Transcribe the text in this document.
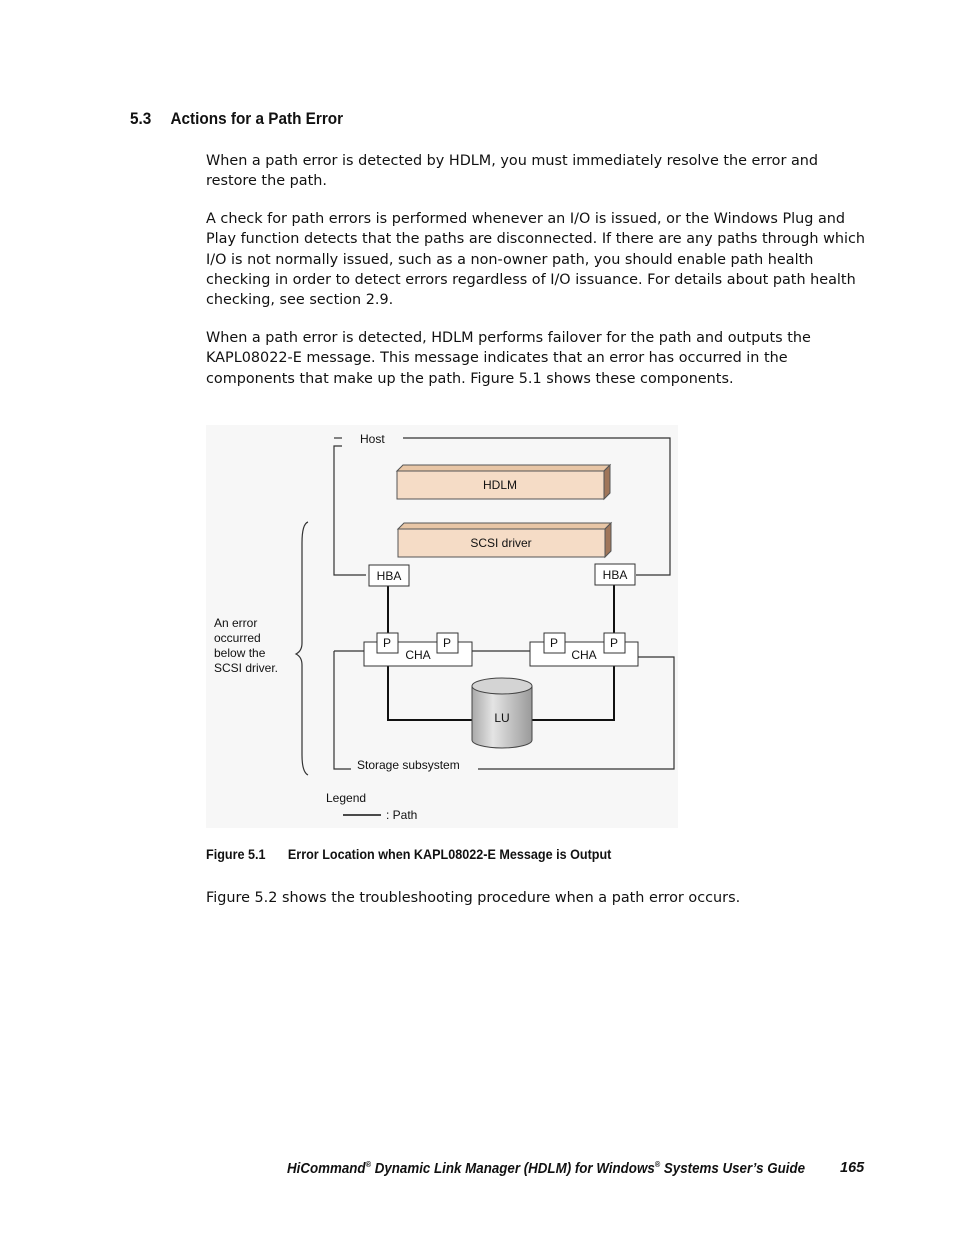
5.3 Actions for a Path Error

When a path error is detected by HDLM, you must immediately resolve the error and restore the path.

A check for path errors is performed whenever an I/O is issued, or the Windows Plug and Play function detects that the paths are disconnected. If there are any paths through which I/O is not normally issued, such as a non-owner path, you should enable path health checking in order to detect errors regardless of I/O issuance. For details about path health checking, see section 2.9.

When a path error is detected, HDLM performs failover for the path and outputs the KAPL08022-E message. This message indicates that an error has occurred in the components that make up the path. Figure 5.1 shows these components.

Host
HDLM
SCSI driver
Storage subsystem
HBA	HBA
CHA
P	P
CHA
P	P
LU
An error
occurred
below the
SCSI driver.
Legend
: Path
Figure 5.1 Error Location when KAPL08022-E Message is Output

Figure 5.2 shows the troubleshooting procedure when a path error occurs.

HiCommand® Dynamic Link Manager (HDLM) for Windows® Systems User’s Guide 165
